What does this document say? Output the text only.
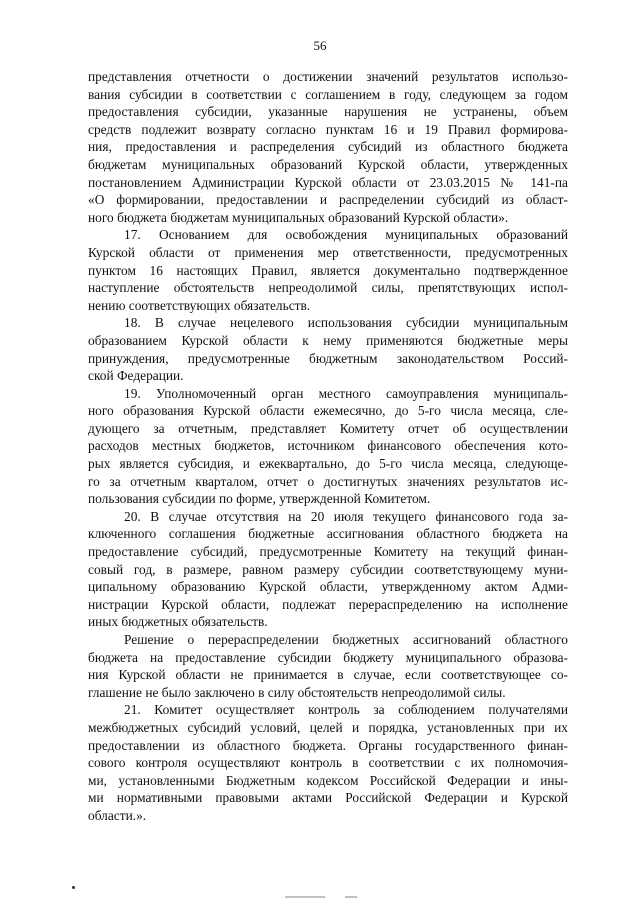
56
представления отчетности о достижении значений результатов использо-
вания субсидии в соответствии с соглашением в году, следующем за годом
предоставления субсидии, указанные нарушения не устранены, объем
средств подлежит возврату согласно пунктам 16 и 19 Правил формирова-
ния, предоставления и распределения субсидий из областного бюджета
бюджетам муниципальных образований Курской области, утвержденных
постановлением Администрации Курской области от 23.03.2015 № 141-па
«О формировании, предоставлении и распределении субсидий из област-
ного бюджета бюджетам муниципальных образований Курской области».
17. Основанием для освобождения муниципальных образований
Курской области от применения мер ответственности, предусмотренных
пунктом 16 настоящих Правил, является документально подтвержденное
наступление обстоятельств непреодолимой силы, препятствующих испол-
нению соответствующих обязательств.
18. В случае нецелевого использования субсидии муниципальным
образованием Курской области к нему применяются бюджетные меры
принуждения, предусмотренные бюджетным законодательством Россий-
ской Федерации.
19. Уполномоченный орган местного самоуправления муниципаль-
ного образования Курской области ежемесячно, до 5-го числа месяца, сле-
дующего за отчетным, представляет Комитету отчет об осуществлении
расходов местных бюджетов, источником финансового обеспечения кото-
рых является субсидия, и ежеквартально, до 5-го числа месяца, следующе-
го за отчетным кварталом, отчет о достигнутых значениях результатов ис-
пользования субсидии по форме, утвержденной Комитетом.
20. В случае отсутствия на 20 июля текущего финансового года за-
ключенного соглашения бюджетные ассигнования областного бюджета на
предоставление субсидий, предусмотренные Комитету на текущий финан-
совый год, в размере, равном размеру субсидии соответствующему муни-
ципальному образованию Курской области, утвержденному актом Адми-
нистрации Курской области, подлежат перераспределению на исполнение
иных бюджетных обязательств.
Решение о перераспределении бюджетных ассигнований областного
бюджета на предоставление субсидии бюджету муниципального образова-
ния Курской области не принимается в случае, если соответствующее со-
глашение не было заключено в силу обстоятельств непреодолимой силы.
21. Комитет осуществляет контроль за соблюдением получателями
межбюджетных субсидий условий, целей и порядка, установленных при их
предоставлении из областного бюджета. Органы государственного финан-
сового контроля осуществляют контроль в соответствии с их полномочия-
ми, установленными Бюджетным кодексом Российской Федерации и ины-
ми нормативными правовыми актами Российской Федерации и Курской
области.».
